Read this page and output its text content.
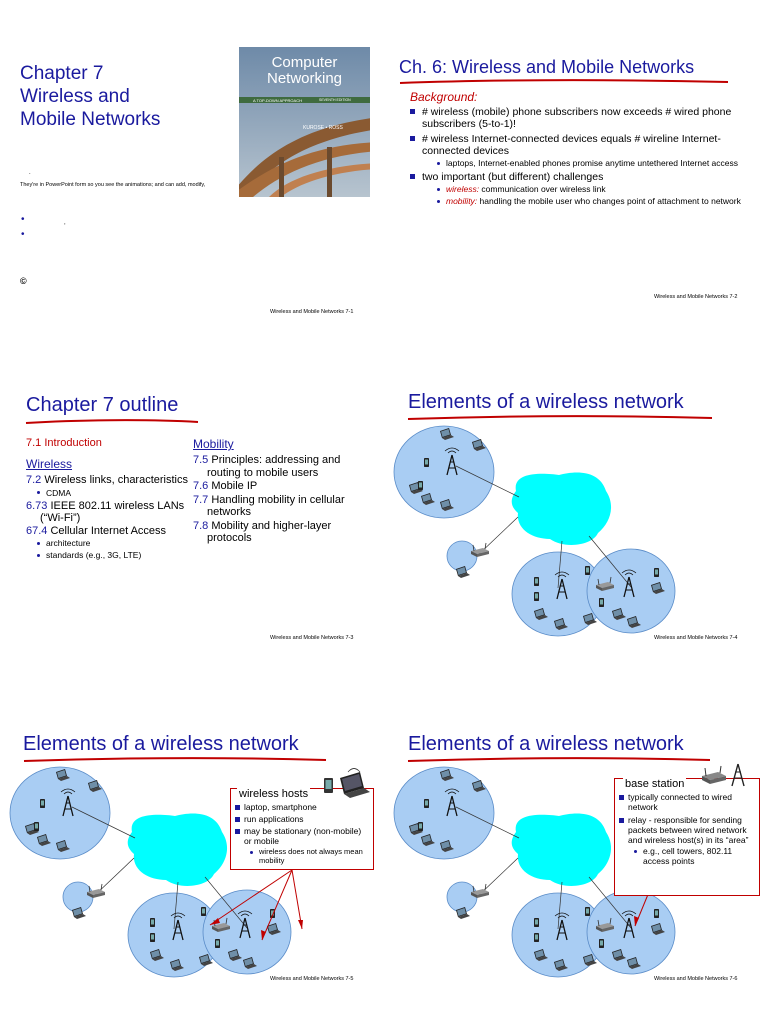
Chapter 7
Wireless and
Mobile Networks
Computer
Networking
A TOP-DOWN APPROACH	SEVENTH EDITION
KUROSE • ROSS
.
They're in PowerPoint form so you see the animations; and can add, modify,
•	,
•
©
Wireless and Mobile Networks 7-1
Ch. 6: Wireless and Mobile Networks
Background:
# wireless (mobile) phone subscribers now exceeds # wired phone subscribers (5-to-1)!
# wireless Internet-connected devices equals # wireline Internet-connected devices
laptops, Internet-enabled phones promise anytime untethered Internet access
two important (but different) challenges
wireless: communication over wireless link
mobility: handling the mobile user who changes point of attachment to network
Wireless and Mobile Networks 7-2
Chapter 7 outline
7.1 Introduction
Wireless
7.2 Wireless links, characteristics
CDMA
6.73 IEEE 802.11 wireless LANs (“Wi-Fi”)
67.4 Cellular Internet Access
architecture
standards (e.g., 3G, LTE)
Mobility
7.5 Principles: addressing and routing to mobile users
7.6 Mobile IP
7.7 Handling mobility in cellular networks
7.8 Mobility and higher-layer protocols
Wireless and Mobile Networks 7-3
Elements of a wireless network
Wireless and Mobile Networks 7-4
Elements of a wireless network
wireless hosts
laptop, smartphone
run applications
may be stationary (non-mobile) or mobile
wireless does not always mean mobility
Wireless and Mobile Networks 7-5
Elements of a wireless network
base station
typically connected to wired network
relay - responsible for sending packets between wired network and wireless host(s) in its “area”
e.g., cell towers, 802.11 access points
Wireless and Mobile Networks 7-6
